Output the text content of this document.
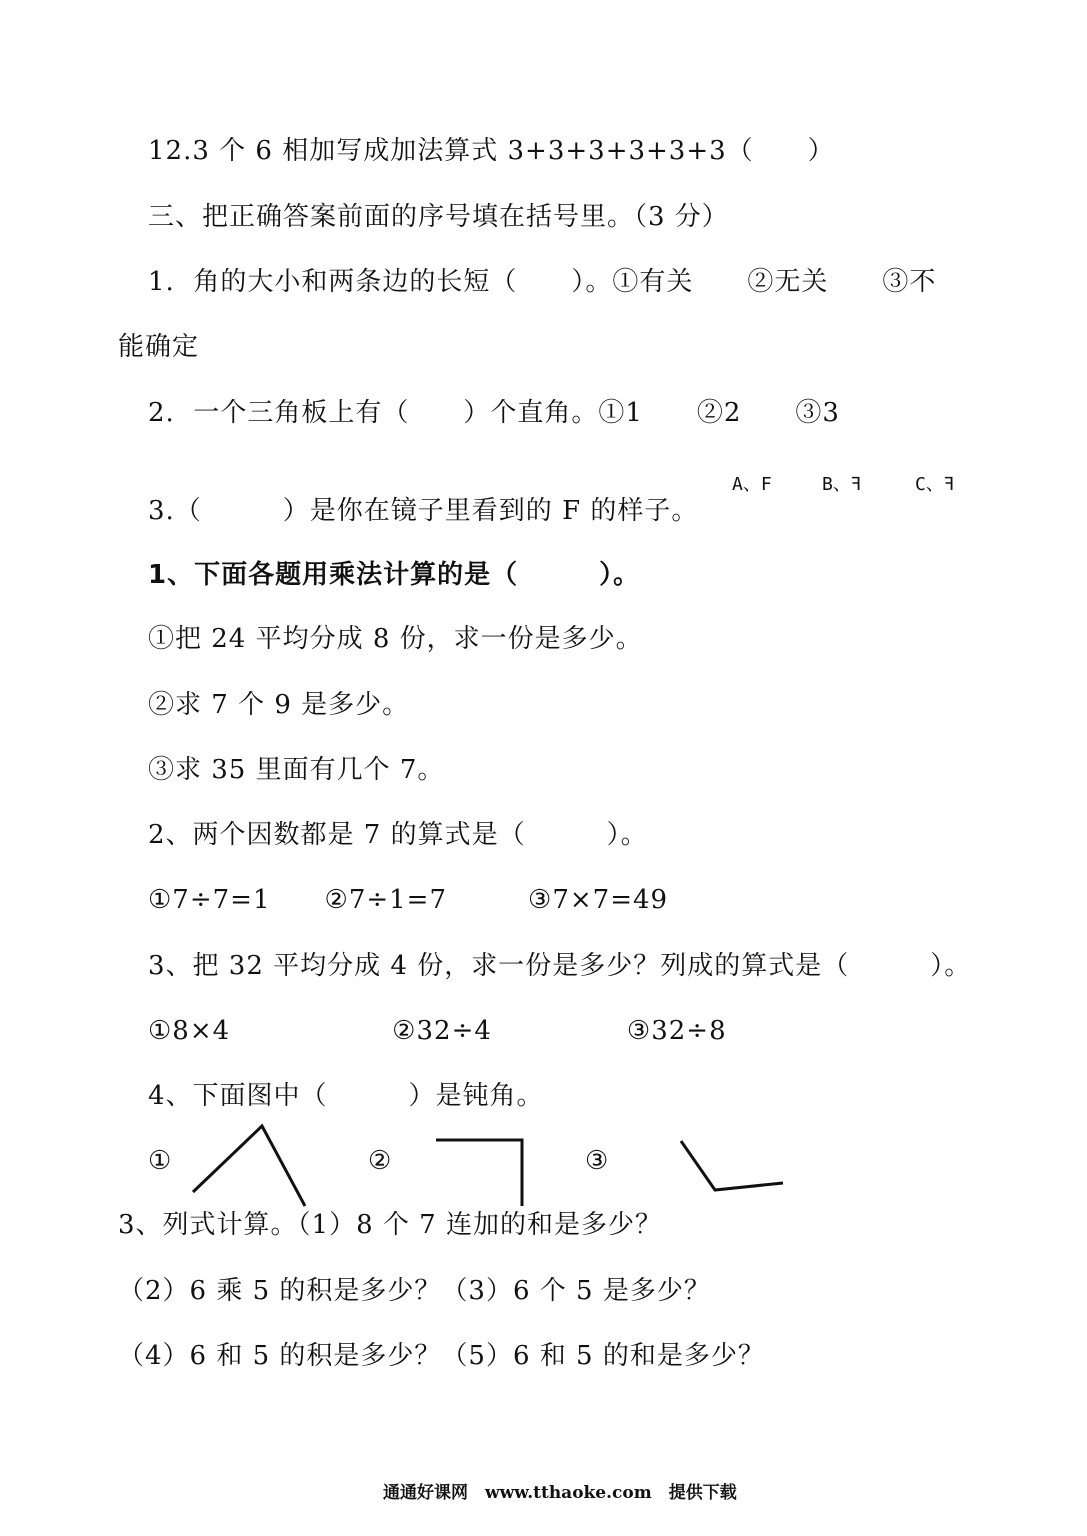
12.3 个 6 相加写成加法算式 3+3+3+3+3+3（　　）
三、把正确答案前面的序号填在括号里。（3 分）
1.  角的大小和两条边的长短（　　）。①有关　　②无关　　③不
能确定
2.  一个三角板上有（　　）个直角。①1　　②2　　③3
3.（　　　）是你在镜子里看到的 F 的样子。
A、F	B、ꟻ	C、ꟻ
1、下面各题用乘法计算的是（　　　）。
①把 24 平均分成 8 份，求一份是多少。
②求 7 个 9 是多少。
③求 35 里面有几个 7。
2、两个因数都是 7 的算式是（　　　）。
①7÷7=1　　②7÷1=7　　　③7×7=49
3、把 32 平均分成 4 份，求一份是多少？列成的算式是（　　　）。
①8×4　　　　　　②32÷4　　　　　③32÷8
4、下面图中（　　　）是钝角。
①	②	③
3、列式计算。（1）8 个 7 连加的和是多少？
（2）6 乘 5 的积是多少？（3）6 个 5 是多少？
（4）6 和 5 的积是多少？（5）6 和 5 的和是多少？
通通好课网　www.tthaoke.com　提供下载
